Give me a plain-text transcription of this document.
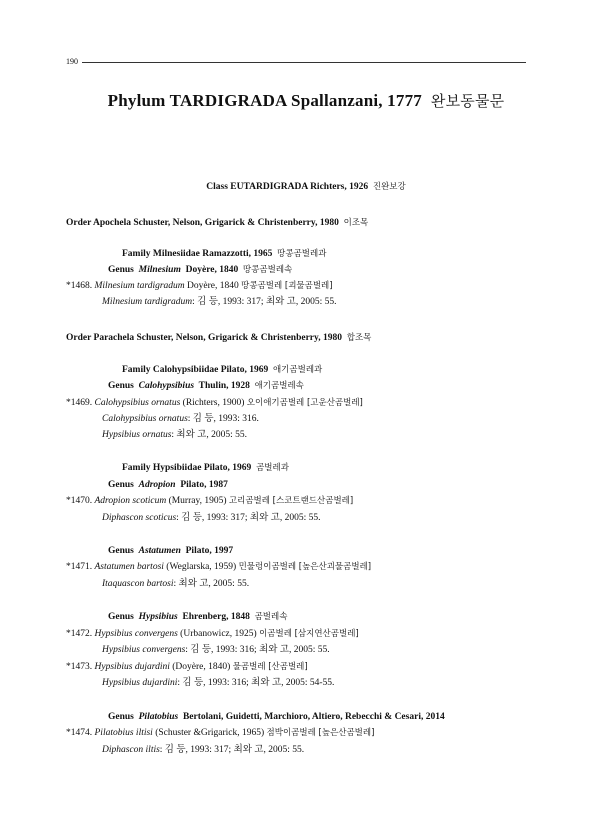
190
Phylum TARDIGRADA Spallanzani, 1777 완보동물문
Class EUTARDIGRADA Richters, 1926 진완보강
Order Apochela Schuster, Nelson, Grigarick & Christenberry, 1980 이조목
Family Milnesiidae Ramazzotti, 1965 땅콩곰벌레과
Genus Milnesium Doyère, 1840 땅콩곰벌레속
*1468. Milnesium tardigradum Doyère, 1840 땅콩곰벌레 [괴물곰벌레]
Milnesium tardigradum: 김 등, 1993: 317; 최와 고, 2005: 55.
Order Parachela Schuster, Nelson, Grigarick & Christenberry, 1980 합조목
Family Calohypsibiidae Pilato, 1969 애기곰벌레과
Genus Calohypsibius Thulin, 1928 애기곰벌레속
*1469. Calohypsibius ornatus (Richters, 1900) 오이애기곰벌레 [고운산곰벌레]
Calohypsibius ornatus: 김 등, 1993: 316.
Hypsibius ornatus: 최와 고, 2005: 55.
Family Hypsibiidae Pilato, 1969 곰벌레과
Genus Adropion Pilato, 1987
*1470. Adropion scoticum (Murray, 1905) 고리곰벌레 [스코트랜드산곰벌레]
Diphascon scoticus: 김 등, 1993: 317; 최와 고, 2005: 55.
Genus Astatumen Pilato, 1997
*1471. Astatumen bartosi (Weglarska, 1959) 민물렁이곰벌레 [높은산괴물곰벌레]
Itaquascon bartosi: 최와 고, 2005: 55.
Genus Hypsibius Ehrenberg, 1848 곰벌레속
*1472. Hypsibius convergens (Urbanowicz, 1925) 이곰벌레 [삼지연산곰벌레]
Hypsibius convergens: 김 등, 1993: 316; 최와 고, 2005: 55.
*1473. Hypsibius dujardini (Doyère, 1840) 물곰벌레 [산곰벌레]
Hypsibius dujardini: 김 등, 1993: 316; 최와 고, 2005: 54-55.
Genus Pilatobius Bertolani, Guidetti, Marchioro, Altiero, Rebecchi & Cesari, 2014
*1474. Pilatobius iltisi (Schuster &Grigarick, 1965) 점박이곰벌레 [높은산곰벌레]
Diphascon iltis: 김 등, 1993: 317; 최와 고, 2005: 55.
